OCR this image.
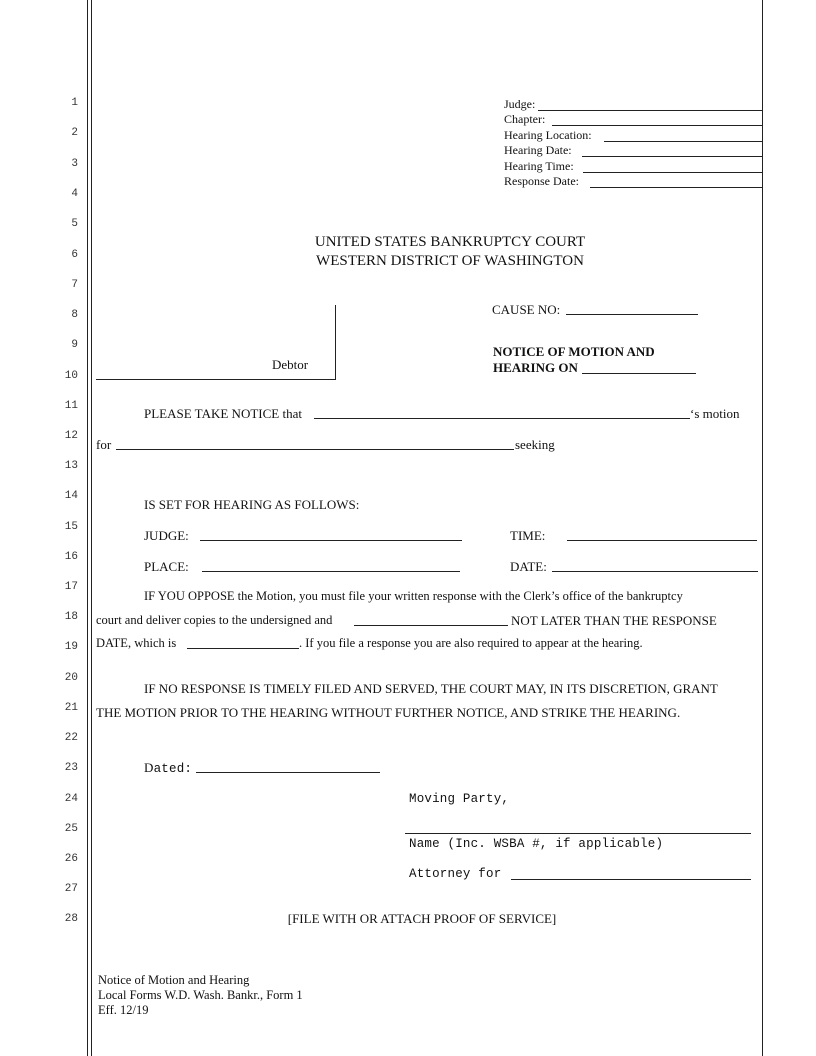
1
2
3
4
5
6
7
8
9
10
11
12
13
14
15
16
17
18
19
20
21
22
23
24
25
26
27
28
Judge:
Chapter:
Hearing Location:
Hearing Date:
Hearing Time:
Response Date:
UNITED STATES BANKRUPTCY COURT
WESTERN DISTRICT OF WASHINGTON
Debtor
CAUSE NO:
NOTICE OF MOTION AND
HEARING ON
PLEASE TAKE NOTICE that	‘s motion
for	seeking
IS SET FOR HEARING AS FOLLOWS:
JUDGE:	TIME:
PLACE:	DATE:
IF YOU OPPOSE the Motion, you must file your written response with the Clerk’s office of the bankruptcy
court and deliver copies to the undersigned and	NOT LATER THAN THE RESPONSE
DATE, which is	. If you file a response you are also required to appear at the hearing.
IF NO RESPONSE IS TIMELY FILED AND SERVED, THE COURT MAY, IN ITS DISCRETION, GRANT
THE MOTION PRIOR TO THE HEARING WITHOUT FURTHER NOTICE, AND STRIKE THE HEARING.
Dated:
Moving Party,
Name (Inc. WSBA #, if applicable)
Attorney for
[FILE WITH OR ATTACH PROOF OF SERVICE]
Notice of Motion and Hearing
Local Forms W.D. Wash. Bankr., Form 1
Eff. 12/19
